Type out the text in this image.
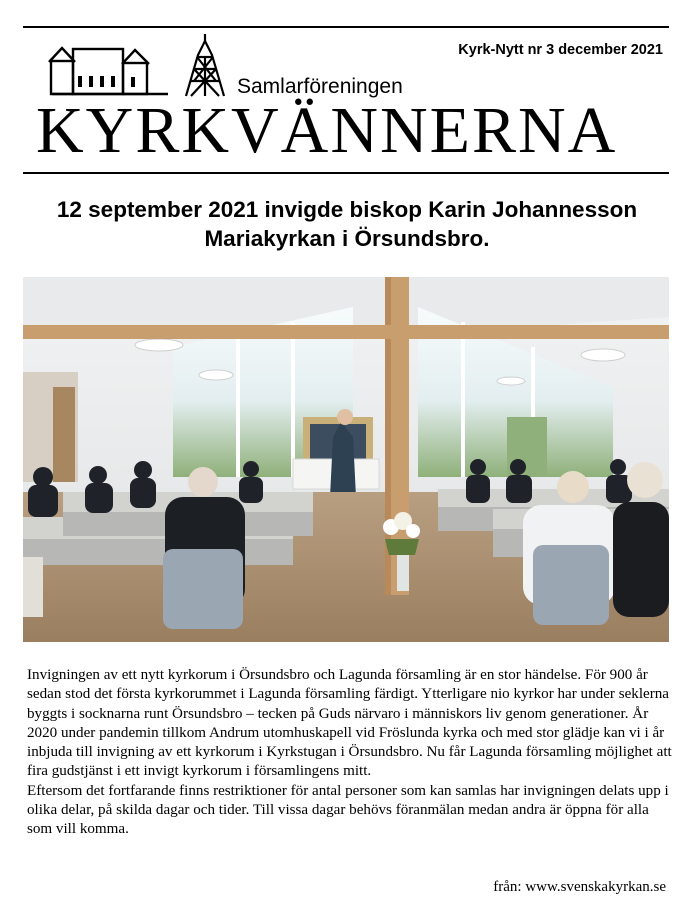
Kyrk-Nytt nr 3 december 2021
Samlarföreningen
KYRKVÄNNERNA
12 september 2021 invigde biskop Karin Johannesson
Mariakyrkan i Örsundsbro.

Invigningen av ett nytt kyrkorum i Örsundsbro och Lagunda församling är en stor händelse. För 900 år sedan stod det första kyrkorummet i Lagunda församling färdigt. Ytterligare nio kyrkor har under seklerna byggts i socknarna runt Örsundsbro – tecken på Guds närvaro i människors liv genom generationer. År 2020 under pandemin tillkom Andrum utomhuskapell vid Fröslunda kyrka och med stor glädje kan vi i år inbjuda till invigning av ett kyrkorum i Kyrkstugan i Örsundsbro. Nu får Lagunda församling möjlighet att fira gudstjänst i ett invigt kyrkorum i församlingens mitt.

Eftersom det fortfarande finns restriktioner för antal personer som kan samlas har invigningen delats upp i olika delar, på skilda dagar och tider. Till vissa dagar behövs föranmälan medan andra är öppna för alla som vill komma.

från: www.svenskakyrkan.se
